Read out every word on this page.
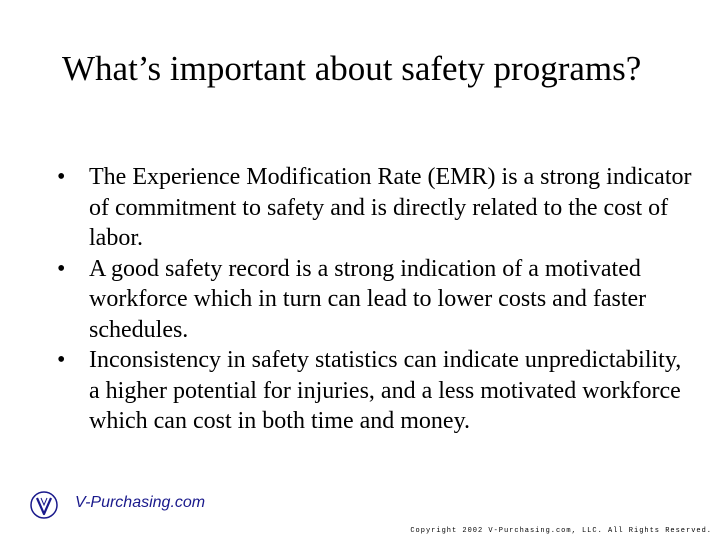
What’s important about safety programs?
• The Experience Modification Rate (EMR) is a strong indicator of commitment to safety and is directly related to the cost of labor.
• A good safety record is a strong indication of a motivated workforce which in turn can lead to lower costs and faster schedules.
• Inconsistency in safety statistics can indicate unpredictability, a higher potential for injuries, and a less motivated workforce which can cost in both time and money.
V-Purchasing.com
Copyright 2002 V-Purchasing.com, LLC. All Rights Reserved.
